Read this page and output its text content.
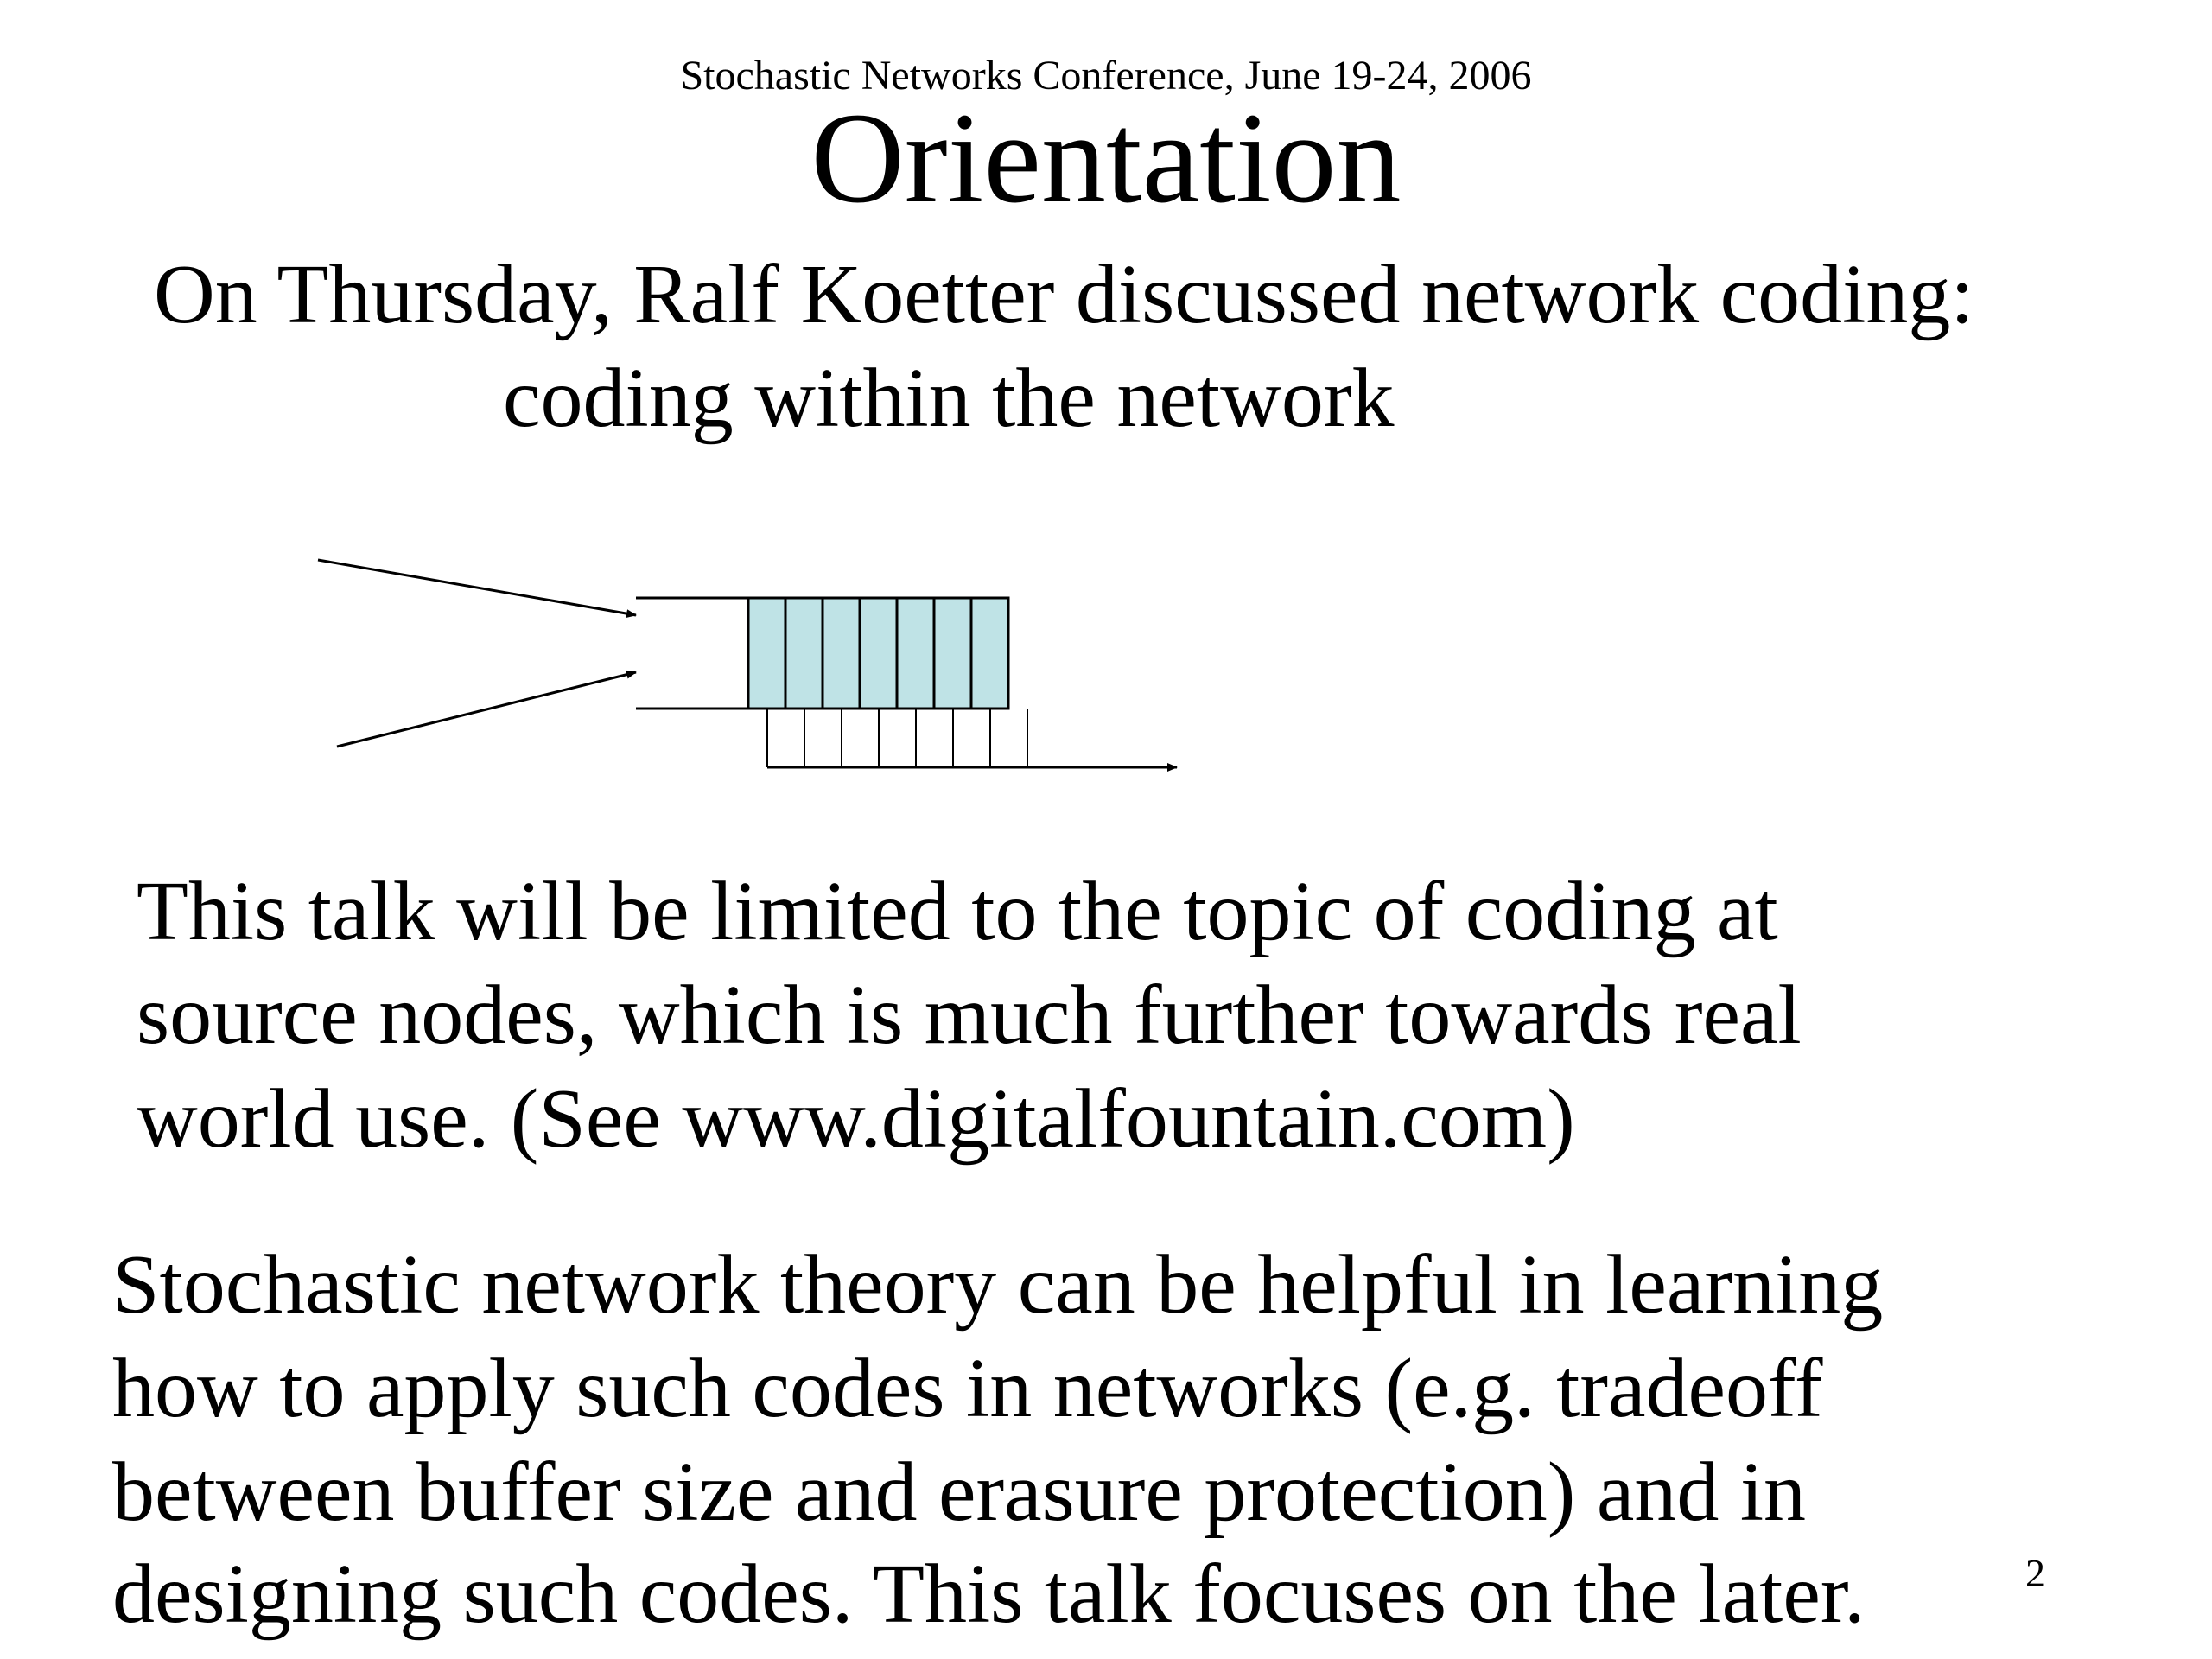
Stochastic Networks Conference, June 19-24, 2006
Orientation
On Thursday, Ralf Koetter discussed network coding:
coding within the network
This talk will be limited to the topic of coding at
source nodes, which is much further towards real
world use. (See www.digitalfountain.com)
Stochastic network theory can be helpful in learning
how to apply such codes in networks (e.g. tradeoff
between buffer size and erasure protection) and in
designing such codes. This talk focuses on the later.	2
